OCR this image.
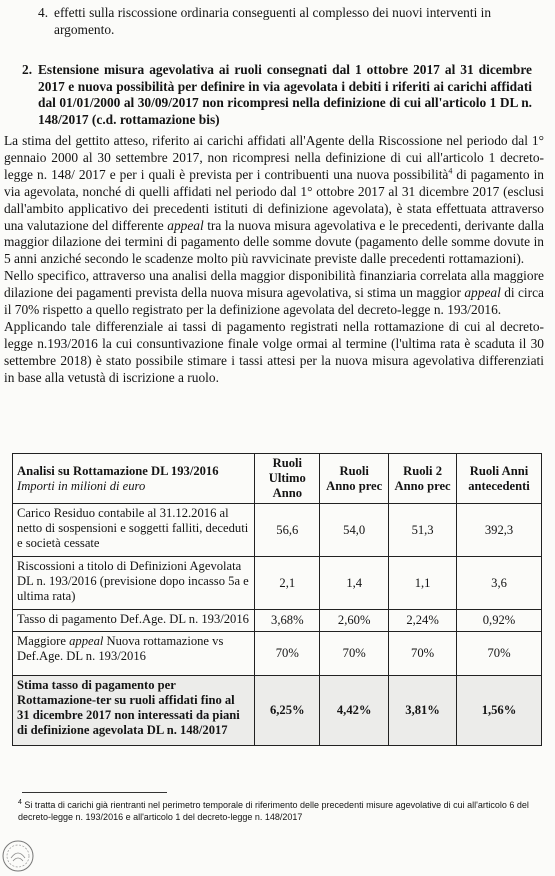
4. effetti sulla riscossione ordinaria conseguenti al complesso dei nuovi interventi in
argomento.
2. Estensione misura agevolativa ai ruoli consegnati dal 1 ottobre 2017 al 31 dicembre 2017 e nuova possibilità per definire in via agevolata i debiti i riferiti ai carichi affidati dal 01/01/2000 al 30/09/2017 non ricompresi nella definizione di cui all'articolo 1 DL n. 148/2017 (c.d. rottamazione bis)

La stima del gettito atteso, riferito ai carichi affidati all'Agente della Riscossione nel periodo dal 1° gennaio 2000 al 30 settembre 2017, non ricompresi nella definizione di cui all'articolo 1 decreto-legge n. 148/ 2017 e per i quali è prevista per i contribuenti una nuova possibilità$^4$ di pagamento in via agevolata, nonché di quelli affidati nel periodo dal 1° ottobre 2017 al 31 dicembre 2017 (esclusi dall'ambito applicativo dei precedenti istituti di definizione agevolata), è stata effettuata attraverso una valutazione del differente appeal tra la nuova misura agevolativa e le precedenti, derivante dalla maggior dilazione dei termini di pagamento delle somme dovute (pagamento delle somme dovute in 5 anni anziché secondo le scadenze molto più ravvicinate previste dalle precedenti rottamazioni).

Nello specifico, attraverso una analisi della maggior disponibilità finanziaria correlata alla maggiore dilazione dei pagamenti prevista della nuova misura agevolativa, si stima un maggior appeal di circa il 70% rispetto a quello registrato per la definizione agevolata del decreto-legge n. 193/2016.

Applicando tale differenziale ai tassi di pagamento registrati nella rottamazione di cui al decreto-legge n.193/2016 la cui consuntivazione finale volge ormai al termine (l'ultima rata è scaduta il 30 settembre 2018) è stato possibile stimare i tassi attesi per la nuova misura agevolativa differenziati in base alla vetustà di iscrizione a ruolo.

Analisi su Rottamazione DL 193/2016
Importi in milioni di euro	Ruoli Ultimo Anno	Ruoli Anno prec	Ruoli 2 Anno prec	Ruoli Anni antecedenti
Carico Residuo contabile al 31.12.2016 al netto di sospensioni e soggetti falliti, deceduti e società cessate	56,6	54,0	51,3	392,3
Riscossioni a titolo di Definizioni Agevolata DL n. 193/2016 (previsione dopo incasso 5a e ultima rata)	2,1	1,4	1,1	3,6
Tasso di pagamento Def.Age. DL n. 193/2016	3,68%	2,60%	2,24%	0,92%
Maggiore appeal Nuova rottamazione vs Def.Age. DL n. 193/2016	70%	70%	70%	70%
Stima tasso di pagamento per Rottamazione-ter su ruoli affidati fino al 31 dicembre 2017 non interessati da piani di definizione agevolata DL n. 148/2017	6,25%	4,42%	3,81%	1,56%
$^4$ Si tratta di carichi già rientranti nel perimetro temporale di riferimento delle precedenti misure agevolative di cui all'articolo 6 del decreto-legge n. 193/2016 e all'articolo 1 del decreto-legge n. 148/2017
